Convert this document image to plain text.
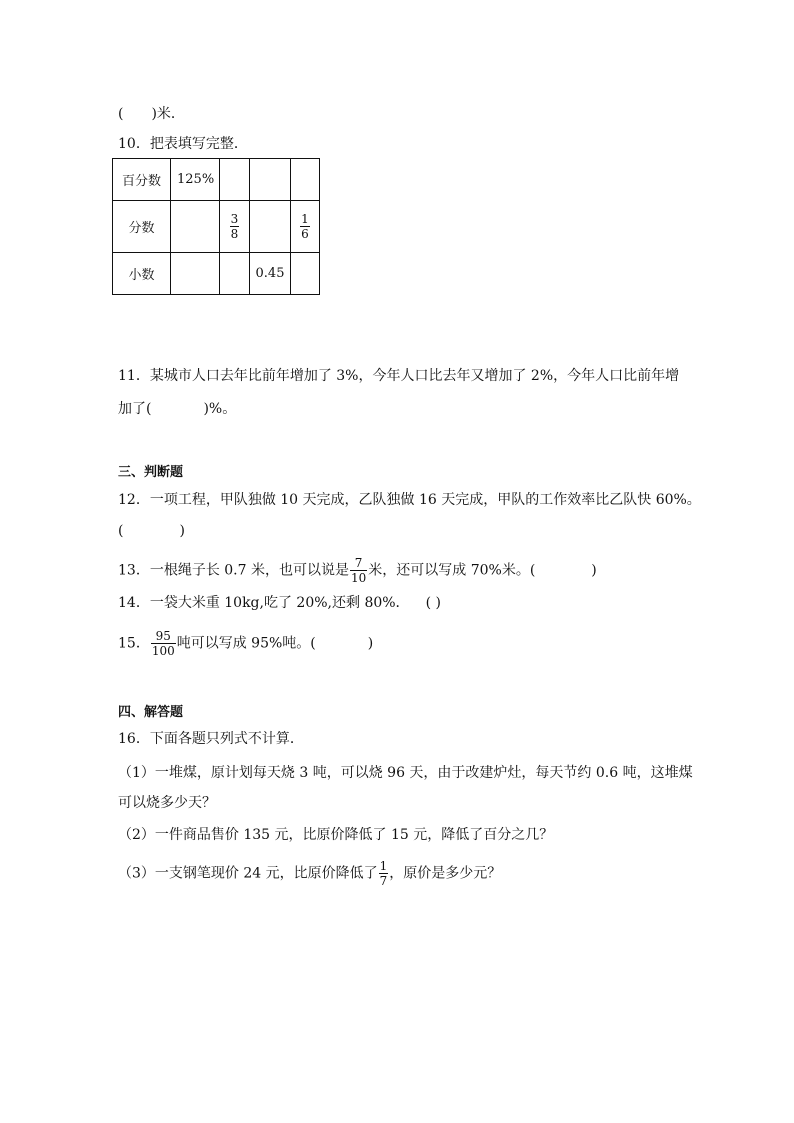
( )米．
10．把表填写完整．
百分数	125%			
分数		$\frac{3}{8}$		$\frac{1}{6}$

小数			0.45	
11．某城市人口去年比前年增加了 3%，今年人口比去年又增加了 2%，今年人口比前年增
加了(	)%。
三、判断题
12．一项工程，甲队独做 10 天完成，乙队独做 16 天完成，甲队的工作效率比乙队快 60%。
(	)
13．一根绳子长 0.7 米，也可以说是 $\frac{7}{10}$ 米，还可以写成 70%米。(	)
14．一袋大米重 10kg,吃了 20%,还剩 80%． ( )
15． $\frac{95}{100}$ 吨可以写成 95%吨。(	)
四、解答题
16．下面各题只列式不计算．
（1）一堆煤，原计划每天烧 3 吨，可以烧 96 天，由于改建炉灶，每天节约 0.6 吨，这堆煤
可以烧多少天？
（2）一件商品售价 135 元，比原价降低了 15 元，降低了百分之几？
（3）一支钢笔现价 24 元，比原价降低了 $\frac{1}{7}$ ，原价是多少元？
